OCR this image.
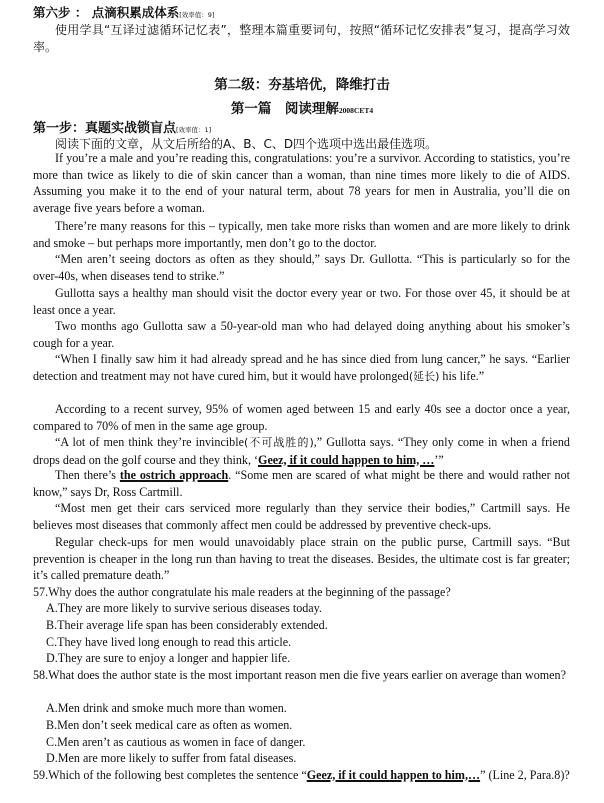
第六步 ： 点滴积累成体系[效率值：9]
使用学具“互译过滤循环记忆表”，整理本篇重要词句，按照“循环记忆安排表”复习，提高学习效率。
第二级：夯基培优，降维打击
第一篇　阅读理解2008CET4
第一步：真题实战锁盲点[效率值：1]
阅读下面的文章，从文后所给的A、B、C、D四个选项中选出最佳选项。
If you’re a male and you’re reading this, congratulations: you’re a survivor. According to statistics, you’re more than twice as likely to die of skin cancer than a woman, than nine times more likely to die of AIDS. Assuming you make it to the end of your natural term, about 78 years for men in Australia, you’ll die on average five years before a woman.
There’re many reasons for this – typically, men take more risks than women and are more likely to drink and smoke – but perhaps more importantly, men don’t go to the doctor.
“Men aren’t seeing doctors as often as they should,” says Dr. Gullotta. “This is particularly so for the over-40s, when diseases tend to strike.”
Gullotta says a healthy man should visit the doctor every year or two. For those over 45, it should be at least once a year.
Two months ago Gullotta saw a 50-year-old man who had delayed doing anything about his smoker’s cough for a year.
“When I finally saw him it had already spread and he has since died from lung cancer,” he says. “Earlier detection and treatment may not have cured him, but it would have prolonged(延长) his life.”
According to a recent survey, 95% of women aged between 15 and early 40s see a doctor once a year, compared to 70% of men in the same age group.
“A lot of men think they’re invincible(不可战胜的),” Gullotta says. “They only come in when a friend drops dead on the golf course and they think, ‘Geez, if it could happen to him, …’”
Then there’s the ostrich approach. “Some men are scared of what might be there and would rather not know,” says Dr, Ross Cartmill.
“Most men get their cars serviced more regularly than they service their bodies,” Cartmill says. He believes most diseases that commonly affect men could be addressed by preventive check-ups.
Regular check-ups for men would unavoidably place strain on the public purse, Cartmill says. “But prevention is cheaper in the long run than having to treat the diseases. Besides, the ultimate cost is far greater; it’s called premature death.”
57.Why does the author congratulate his male readers at the beginning of the passage?
A.They are more likely to survive serious diseases today.
B.Their average life span has been considerably extended.
C.They have lived long enough to read this article.
D.They are sure to enjoy a longer and happier life.
58.What does the author state is the most important reason men die five years earlier on average than women?
A.Men drink and smoke much more than women.
B.Men don’t seek medical care as often as women.
C.Men aren’t as cautious as women in face of danger.
D.Men are more likely to suffer from fatal diseases.
59.Which of the following best completes the sentence “Geez, if it could happen to him,…” (Line 2, Para.8)?
